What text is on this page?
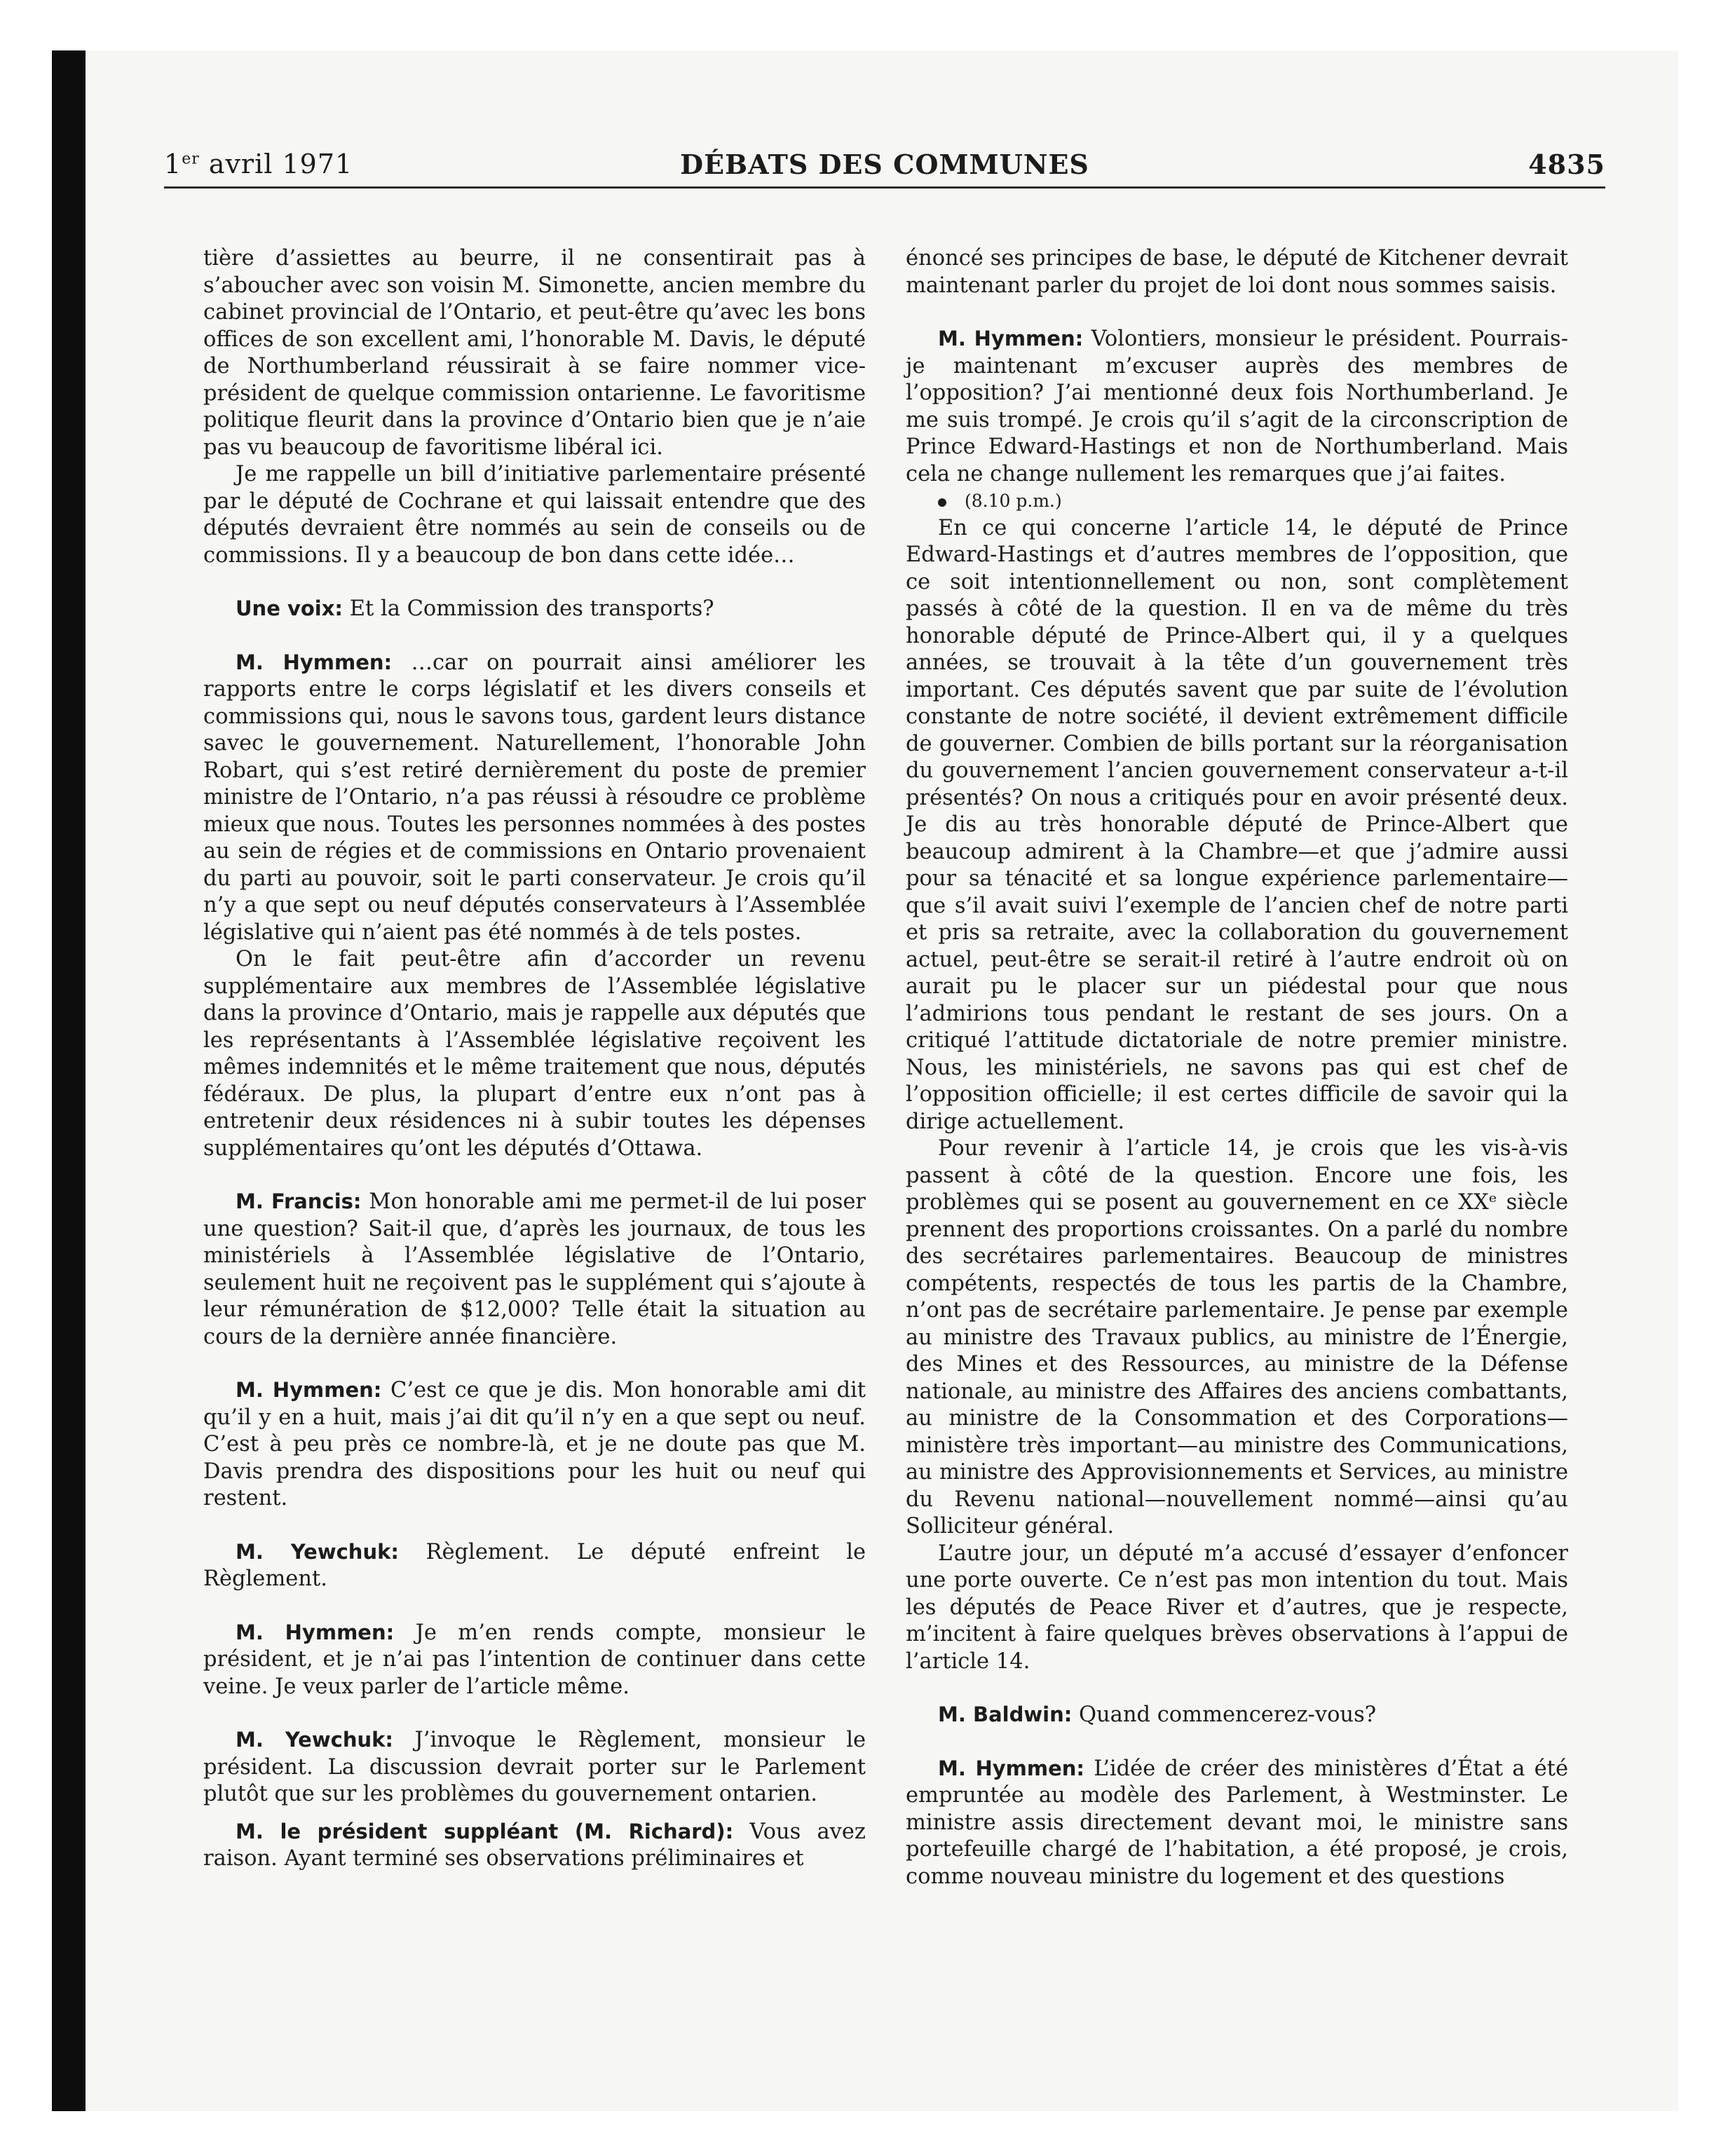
1er avril 1971	DÉBATS DES COMMUNES	4835

tière d’assiettes au beurre, il ne consentirait pas à s’aboucher avec son voisin M. Simonette, ancien membre du cabinet provincial de l’Ontario, et peut-être qu’avec les bons offices de son excellent ami, l’honorable M. Davis, le député de Northumberland réussirait à se faire nommer vice-président de quelque commission ontarienne. Le favoritisme politique fleurit dans la province d’Ontario bien que je n’aie pas vu beaucoup de favoritisme libéral ici.

Je me rappelle un bill d’initiative parlementaire présenté par le député de Cochrane et qui laissait entendre que des députés devraient être nommés au sein de conseils ou de commissions. Il y a beaucoup de bon dans cette idée…

Une voix: Et la Commission des transports?

M. Hymmen: …car on pourrait ainsi améliorer les rapports entre le corps législatif et les divers conseils et commissions qui, nous le savons tous, gardent leurs distance savec le gouvernement. Naturellement, l’honorable John Robart, qui s’est retiré dernièrement du poste de premier ministre de l’Ontario, n’a pas réussi à résoudre ce problème mieux que nous. Toutes les personnes nommées à des postes au sein de régies et de commissions en Ontario provenaient du parti au pouvoir, soit le parti conservateur. Je crois qu’il n’y a que sept ou neuf députés conservateurs à l’Assemblée législative qui n’aient pas été nommés à de tels postes.

On le fait peut-être afin d’accorder un revenu supplémentaire aux membres de l’Assemblée législative dans la province d’Ontario, mais je rappelle aux députés que les représentants à l’Assemblée législative reçoivent les mêmes indemnités et le même traitement que nous, députés fédéraux. De plus, la plupart d’entre eux n’ont pas à entretenir deux résidences ni à subir toutes les dépenses supplémentaires qu’ont les députés d’Ottawa.

M. Francis: Mon honorable ami me permet-il de lui poser une question? Sait-il que, d’après les journaux, de tous les ministériels à l’Assemblée législative de l’Ontario, seulement huit ne reçoivent pas le supplément qui s’ajoute à leur rémunération de $12,000? Telle était la situation au cours de la dernière année financière.

M. Hymmen: C’est ce que je dis. Mon honorable ami dit qu’il y en a huit, mais j’ai dit qu’il n’y en a que sept ou neuf. C’est à peu près ce nombre-là, et je ne doute pas que M. Davis prendra des dispositions pour les huit ou neuf qui restent.

M. Yewchuk: Règlement. Le député enfreint le Règlement.

M. Hymmen: Je m’en rends compte, monsieur le président, et je n’ai pas l’intention de continuer dans cette veine. Je veux parler de l’article même.

M. Yewchuk: J’invoque le Règlement, monsieur le président. La discussion devrait porter sur le Parlement plutôt que sur les problèmes du gouvernement ontarien.

M. le président suppléant (M. Richard): Vous avez raison. Ayant terminé ses observations préliminaires et

énoncé ses principes de base, le député de Kitchener devrait maintenant parler du projet de loi dont nous sommes saisis.

M. Hymmen: Volontiers, monsieur le président. Pourrais-je maintenant m’excuser auprès des membres de l’opposition? J’ai mentionné deux fois Northumberland. Je me suis trompé. Je crois qu’il s’agit de la circonscription de Prince Edward-Hastings et non de Northumberland. Mais cela ne change nullement les remarques que j’ai faites.

(8.10 p.m.)

En ce qui concerne l’article 14, le député de Prince Edward-Hastings et d’autres membres de l’opposition, que ce soit intentionnellement ou non, sont complètement passés à côté de la question. Il en va de même du très honorable député de Prince-Albert qui, il y a quelques années, se trouvait à la tête d’un gouvernement très important. Ces députés savent que par suite de l’évolution constante de notre société, il devient extrêmement difficile de gouverner. Combien de bills portant sur la réorganisation du gouvernement l’ancien gouvernement conservateur a-t-il présentés? On nous a critiqués pour en avoir présenté deux. Je dis au très honorable député de Prince-Albert que beaucoup admirent à la Chambre—et que j’admire aussi pour sa ténacité et sa longue expérience parlementaire—que s’il avait suivi l’exemple de l’ancien chef de notre parti et pris sa retraite, avec la collaboration du gouvernement actuel, peut-être se serait-il retiré à l’autre endroit où on aurait pu le placer sur un piédestal pour que nous l’admirions tous pendant le restant de ses jours. On a critiqué l’attitude dictatoriale de notre premier ministre. Nous, les ministériels, ne savons pas qui est chef de l’opposition officielle; il est certes difficile de savoir qui la dirige actuellement.

Pour revenir à l’article 14, je crois que les vis-à-vis passent à côté de la question. Encore une fois, les problèmes qui se posent au gouvernement en ce XXᵉ siècle prennent des proportions croissantes. On a parlé du nombre des secrétaires parlementaires. Beaucoup de ministres compétents, respectés de tous les partis de la Chambre, n’ont pas de secrétaire parlementaire. Je pense par exemple au ministre des Travaux publics, au ministre de l’Énergie, des Mines et des Ressources, au ministre de la Défense nationale, au ministre des Affaires des anciens combattants, au ministre de la Consommation et des Corporations—ministère très important—au ministre des Communications, au ministre des Approvisionnements et Services, au ministre du Revenu national—nouvellement nommé—ainsi qu’au Solliciteur général.

L’autre jour, un député m’a accusé d’essayer d’enfoncer une porte ouverte. Ce n’est pas mon intention du tout. Mais les députés de Peace River et d’autres, que je respecte, m’incitent à faire quelques brèves observations à l’appui de l’article 14.

M. Baldwin: Quand commencerez-vous?

M. Hymmen: L’idée de créer des ministères d’État a été empruntée au modèle des Parlement, à Westminster. Le ministre assis directement devant moi, le ministre sans portefeuille chargé de l’habitation, a été proposé, je crois, comme nouveau ministre du logement et des questions
